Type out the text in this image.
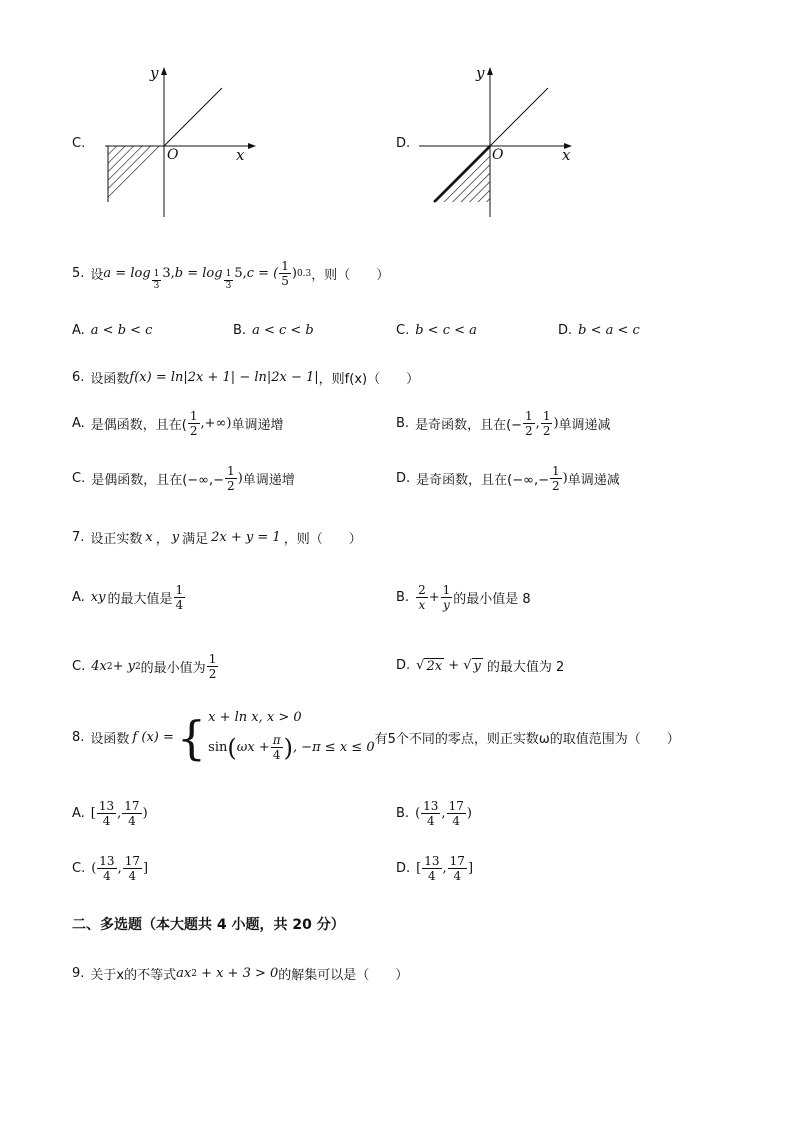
C.
y
x
O
D.
y
x
O
5. 设 $a = \log \frac{1}{3} 3$, $b = \log \frac{1}{3} 5$, c = ( $\frac{1}{5}$ ) 0.3 ，则（　　）
A. a < b < c	B. a < c < b	C. b < c < a	D. b < a < c
6. 设函数 f(x) = ln|2x + 1| − ln|2x − 1| ，则f(x)（　　）
A. 是偶函数，且在( $\frac{1}{2}$ ,+∞) 单调递增	B. 是奇函数，且在(− $\frac{1}{2}$ , $\frac{1}{2}$ ) 单调递减
C. 是偶函数，且在(−∞,− $\frac{1}{2}$ ) 单调递增	D. 是奇函数，且在(−∞,− $\frac{1}{2}$ ) 单调递减
7. 设正实数 x ， y 满足 2x + y = 1 ，则（　　）
A. xy 的最大值是 $\frac{1}{4}$	B. $\frac{2}{x} + \frac{1}{y}$ 的最小值是 8
C. 4x 2 + y 2 的最小值为 $\frac{1}{2}$	D. √ 2x + √ y 的最大值为 2
8. 设函数 f (x) = { x + ln x, x > 0
sin ( $\omega x + \frac{\pi}{4}$ ) , −π ≤ x ≤ 0 有5个不同的零点，则正实数ω的取值范围为（　　）
A. [ $\frac{13}{4}$ , $\frac{17}{4}$ )	B. ( $\frac{13}{4}$ , $\frac{17}{4}$ )
C. ( $\frac{13}{4}$ , $\frac{17}{4}$ ]	D. [ $\frac{13}{4}$ , $\frac{17}{4}$ ]
二、多选题（本大题共 4 小题，共 20 分）
9. 关于x的不等式 ax 2 + x + 3 > 0 的解集可以是（　　）
